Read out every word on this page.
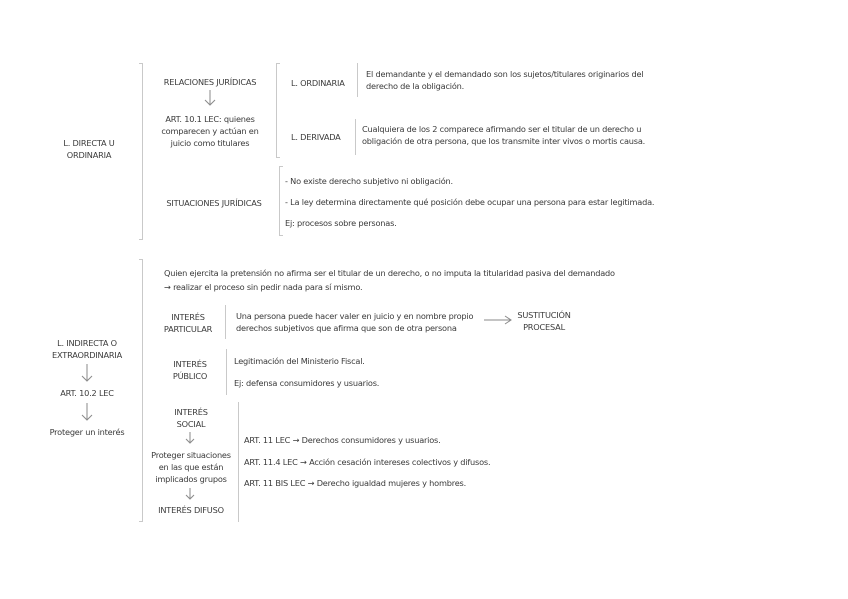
L. DIRECTA U ORDINARIA
RELACIONES JURÍDICAS
ART. 10.1 LEC: quienes comparecen y actúan en juicio como titulares
L. ORDINARIA
El demandante y el demandado son los sujetos/titulares originarios del derecho de la obligación.
L. DERIVADA
Cualquiera de los 2 comparece afirmando ser el titular de un derecho u obligación de otra persona, que los transmite inter vivos o mortis causa.
SITUACIONES JURÍDICAS
- No existe derecho subjetivo ni obligación.
- La ley determina directamente qué posición debe ocupar una persona para estar legitimada.
Ej: procesos sobre personas.
L. INDIRECTA O EXTRAORDINARIA
ART. 10.2 LEC
Proteger un interés
Quien ejercita la pretensión no afirma ser el titular de un derecho, o no imputa la titularidad pasiva del demandado
→ realizar el proceso sin pedir nada para sí mismo.
INTERÉS PARTICULAR
Una persona puede hacer valer en juicio y en nombre propio derechos subjetivos que afirma que son de otra persona
SUSTITUCIÓN PROCESAL
INTERÉS PÚBLICO
Legitimación del Ministerio Fiscal.
Ej: defensa consumidores y usuarios.
INTERÉS SOCIAL
Proteger situaciones en las que están implicados grupos
INTERÉS DIFUSO
ART. 11 LEC → Derechos consumidores y usuarios.
ART. 11.4 LEC → Acción cesación intereses colectivos y difusos.
ART. 11 BIS LEC → Derecho igualdad mujeres y hombres.
